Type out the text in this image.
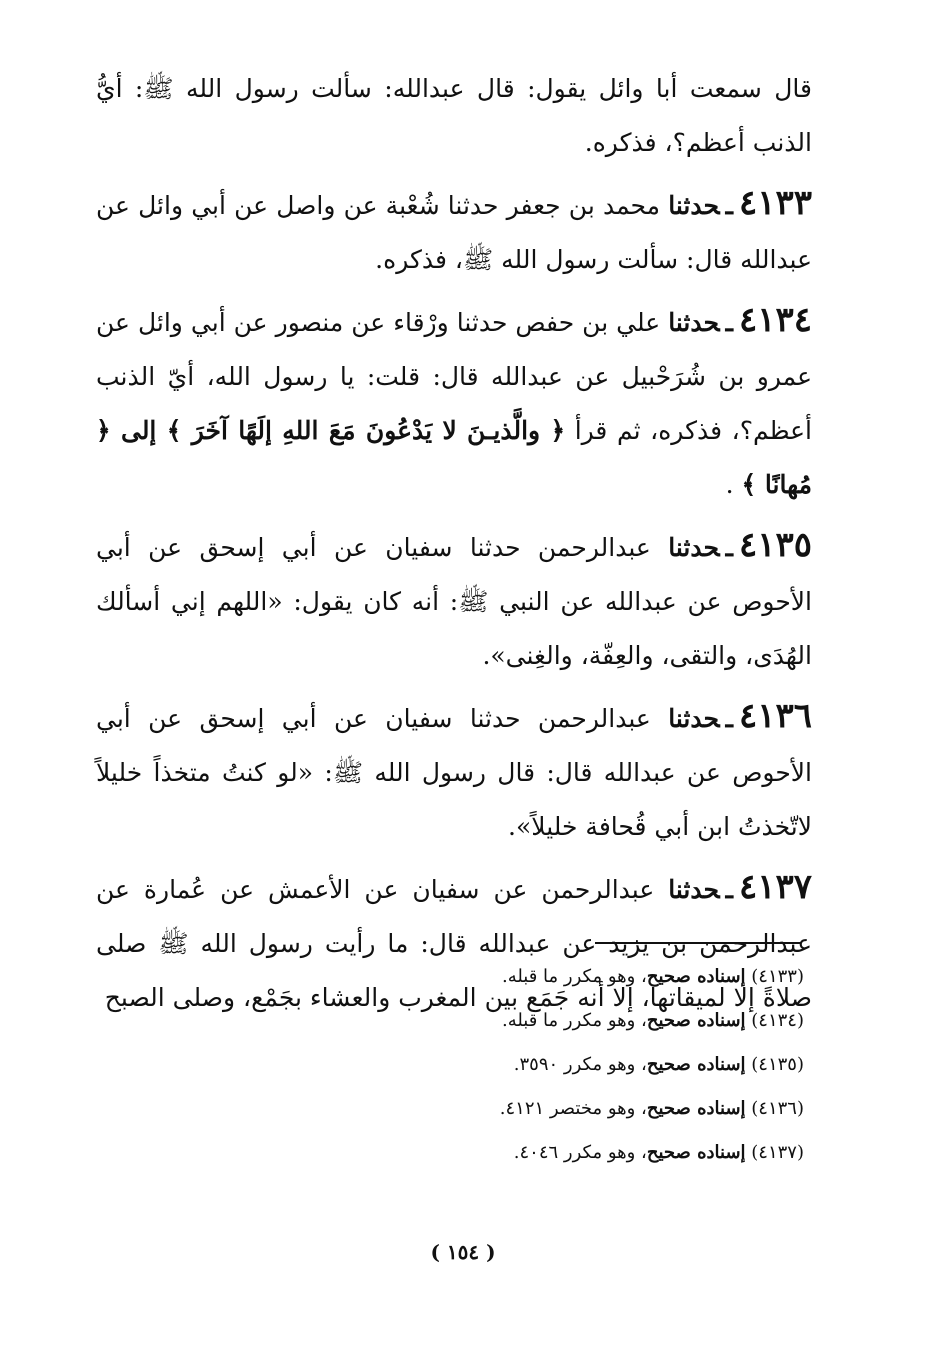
قال سمعت أبا وائل يقول: قال عبدالله: سألت رسول الله ﷺ: أيُّ الذنب أعظم؟، فذكره.

٤١٣٣ـحدثنا محمد بن جعفر حدثنا شُعْبة عن واصل عن أبي وائل عن عبدالله قال: سألت رسول الله ﷺ، فذكره.

٤١٣٤ـحدثنا علي بن حفص حدثنا ورْقاء عن منصور عن أبي وائل عن عمرو بن شُرَحْبيل عن عبدالله قال: قلت: يا رسول الله، أيّ الذنب أعظم؟، فذكره، ثم قرأ ﴿ والَّذيـنَ لا يَدْعُونَ مَعَ اللهِ إلَهًا آخَرَ ﴾ إلى ﴿ مُهانًا ﴾ .

٤١٣٥ـحدثنا عبدالرحمن حدثنا سفيان عن أبي إسحق عن أبي الأحوص عن عبدالله عن النبي ﷺ: أنه كان يقول: «اللهم إني أسألك الهُدَى، والتقى، والعِفّة، والغِنى».

٤١٣٦ـحدثنا عبدالرحمن حدثنا سفيان عن أبي إسحق عن أبي الأحوص عن عبدالله قال: قال رسول الله ﷺ: «لو كنتُ متخذاً خليلاً لاتّخذتُ ابن أبي قُحافة خليلاً».

٤١٣٧ـحدثنا عبدالرحمن عن سفيان عن الأعمش عن عُمارة عن عبدالرحمن بن يزيد عن عبدالله قال: ما رأيت رسول الله ﷺ صلى صلاةً إلا لميقاتها، إلا أنه جَمَع بين المغرب والعشاء بجَمْع، وصلى الصبح

(٤١٣٣) إسناده صحيح، وهو مكرر ما قبله.
(٤١٣٤) إسناده صحيح، وهو مكرر ما قبله.
(٤١٣٥) إسناده صحيح، وهو مكرر ٣٥٩٠.
(٤١٣٦) إسناده صحيح، وهو مختصر ٤١٢١.
(٤١٣٧) إسناده صحيح، وهو مكرر ٤٠٤٦.
( ١٥٤ )
